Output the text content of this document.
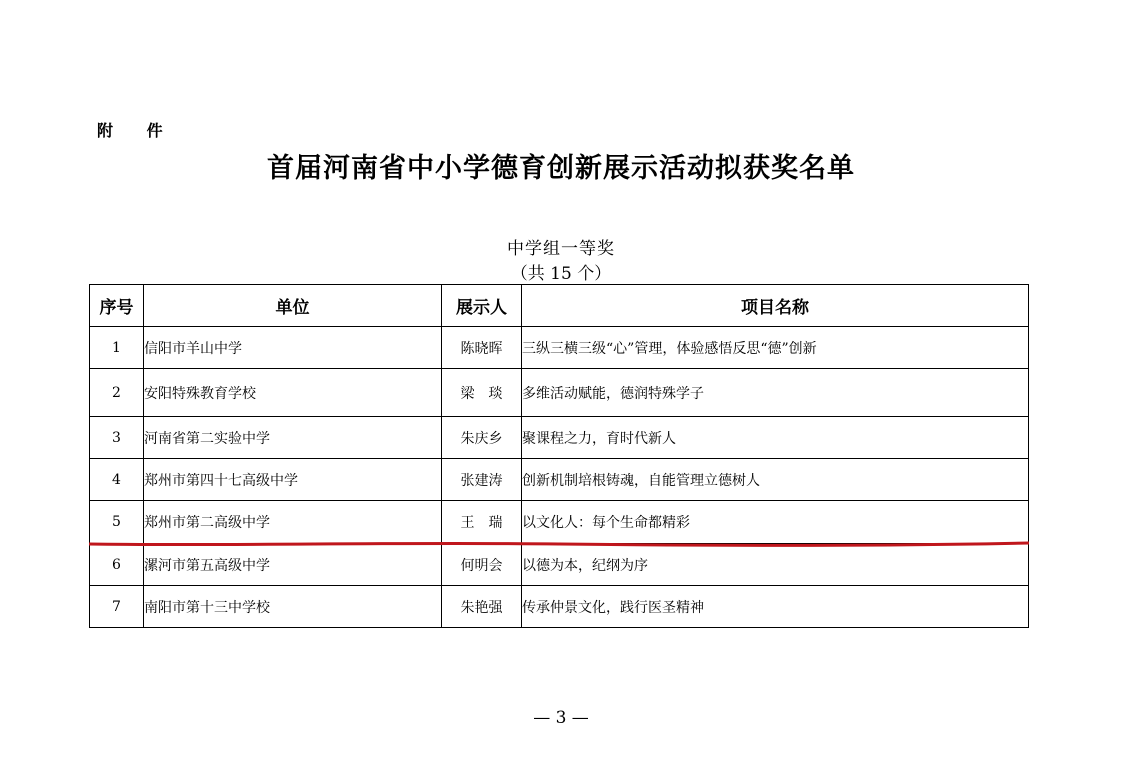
附 件
首届河南省中小学德育创新展示活动拟获奖名单
中学组一等奖
（共 15 个）
序号	单位	展示人	项目名称
1	信阳市羊山中学	陈晓晖	三纵三横三级“心”管理，体验感悟反思“德”创新
2	安阳特殊教育学校	梁　琰	多维活动赋能，德润特殊学子
3	河南省第二实验中学	朱庆乡	聚课程之力，育时代新人
4	郑州市第四十七高级中学	张建涛	创新机制培根铸魂，自能管理立德树人
5	郑州市第二高级中学	王　瑞	以文化人：每个生命都精彩
6	漯河市第五高级中学	何明会	以德为本，纪纲为序
7	南阳市第十三中学校	朱艳强	传承仲景文化，践行医圣精神
— 3 —
